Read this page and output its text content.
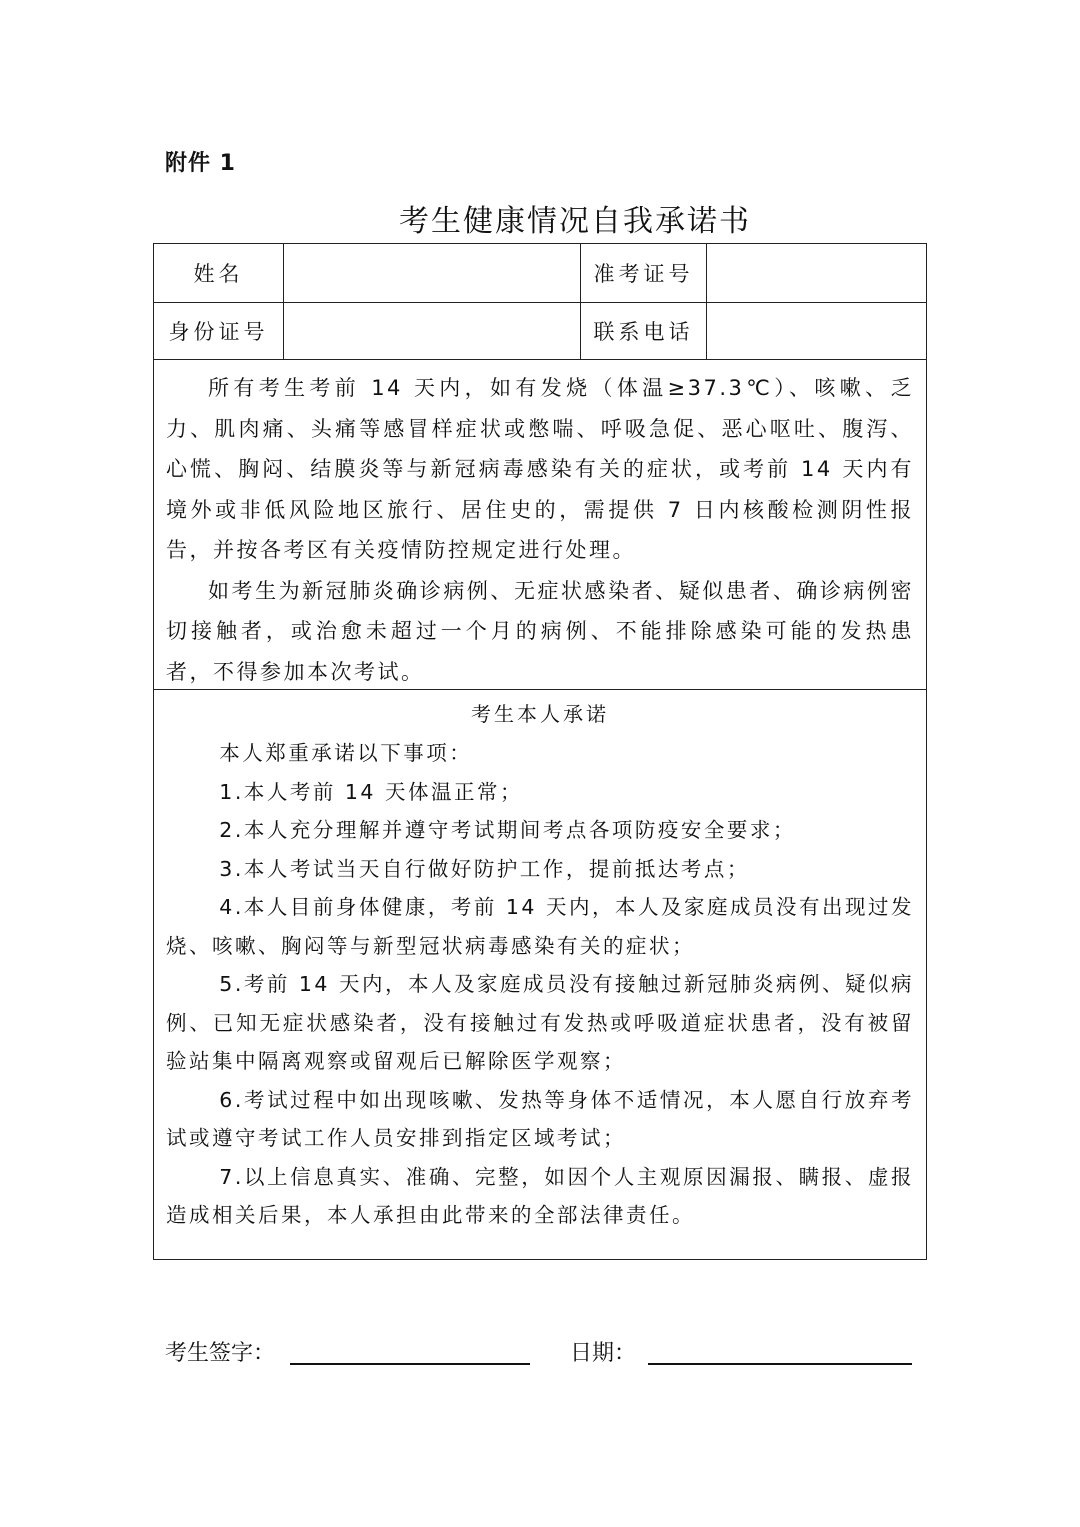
附件 1
考生健康情况自我承诺书
姓名	准考证号
身份证号	联系电话

所有考生考前 14 天内，如有发烧（体温≥37.3℃）、咳嗽、乏力、肌肉痛、头痛等感冒样症状或憋喘、呼吸急促、恶心呕吐、腹泻、心慌、胸闷、结膜炎等与新冠病毒感染有关的症状，或考前 14 天内有境外或非低风险地区旅行、居住史的，需提供 7 日内核酸检测阴性报告，并按各考区有关疫情防控规定进行处理。

如考生为新冠肺炎确诊病例、无症状感染者、疑似患者、确诊病例密切接触者，或治愈未超过一个月的病例、不能排除感染可能的发热患者，不得参加本次考试。

考生本人承诺

本人郑重承诺以下事项：

1.本人考前 14 天体温正常；

2.本人充分理解并遵守考试期间考点各项防疫安全要求；

3.本人考试当天自行做好防护工作，提前抵达考点；

4.本人目前身体健康，考前 14 天内，本人及家庭成员没有出现过发烧、咳嗽、胸闷等与新型冠状病毒感染有关的症状；

5.考前 14 天内，本人及家庭成员没有接触过新冠肺炎病例、疑似病例、已知无症状感染者，没有接触过有发热或呼吸道症状患者，没有被留验站集中隔离观察或留观后已解除医学观察；

6.考试过程中如出现咳嗽、发热等身体不适情况，本人愿自行放弃考试或遵守考试工作人员安排到指定区域考试；

7.以上信息真实、准确、完整，如因个人主观原因漏报、瞒报、虚报造成相关后果，本人承担由此带来的全部法律责任。

考生签字：	日期：
